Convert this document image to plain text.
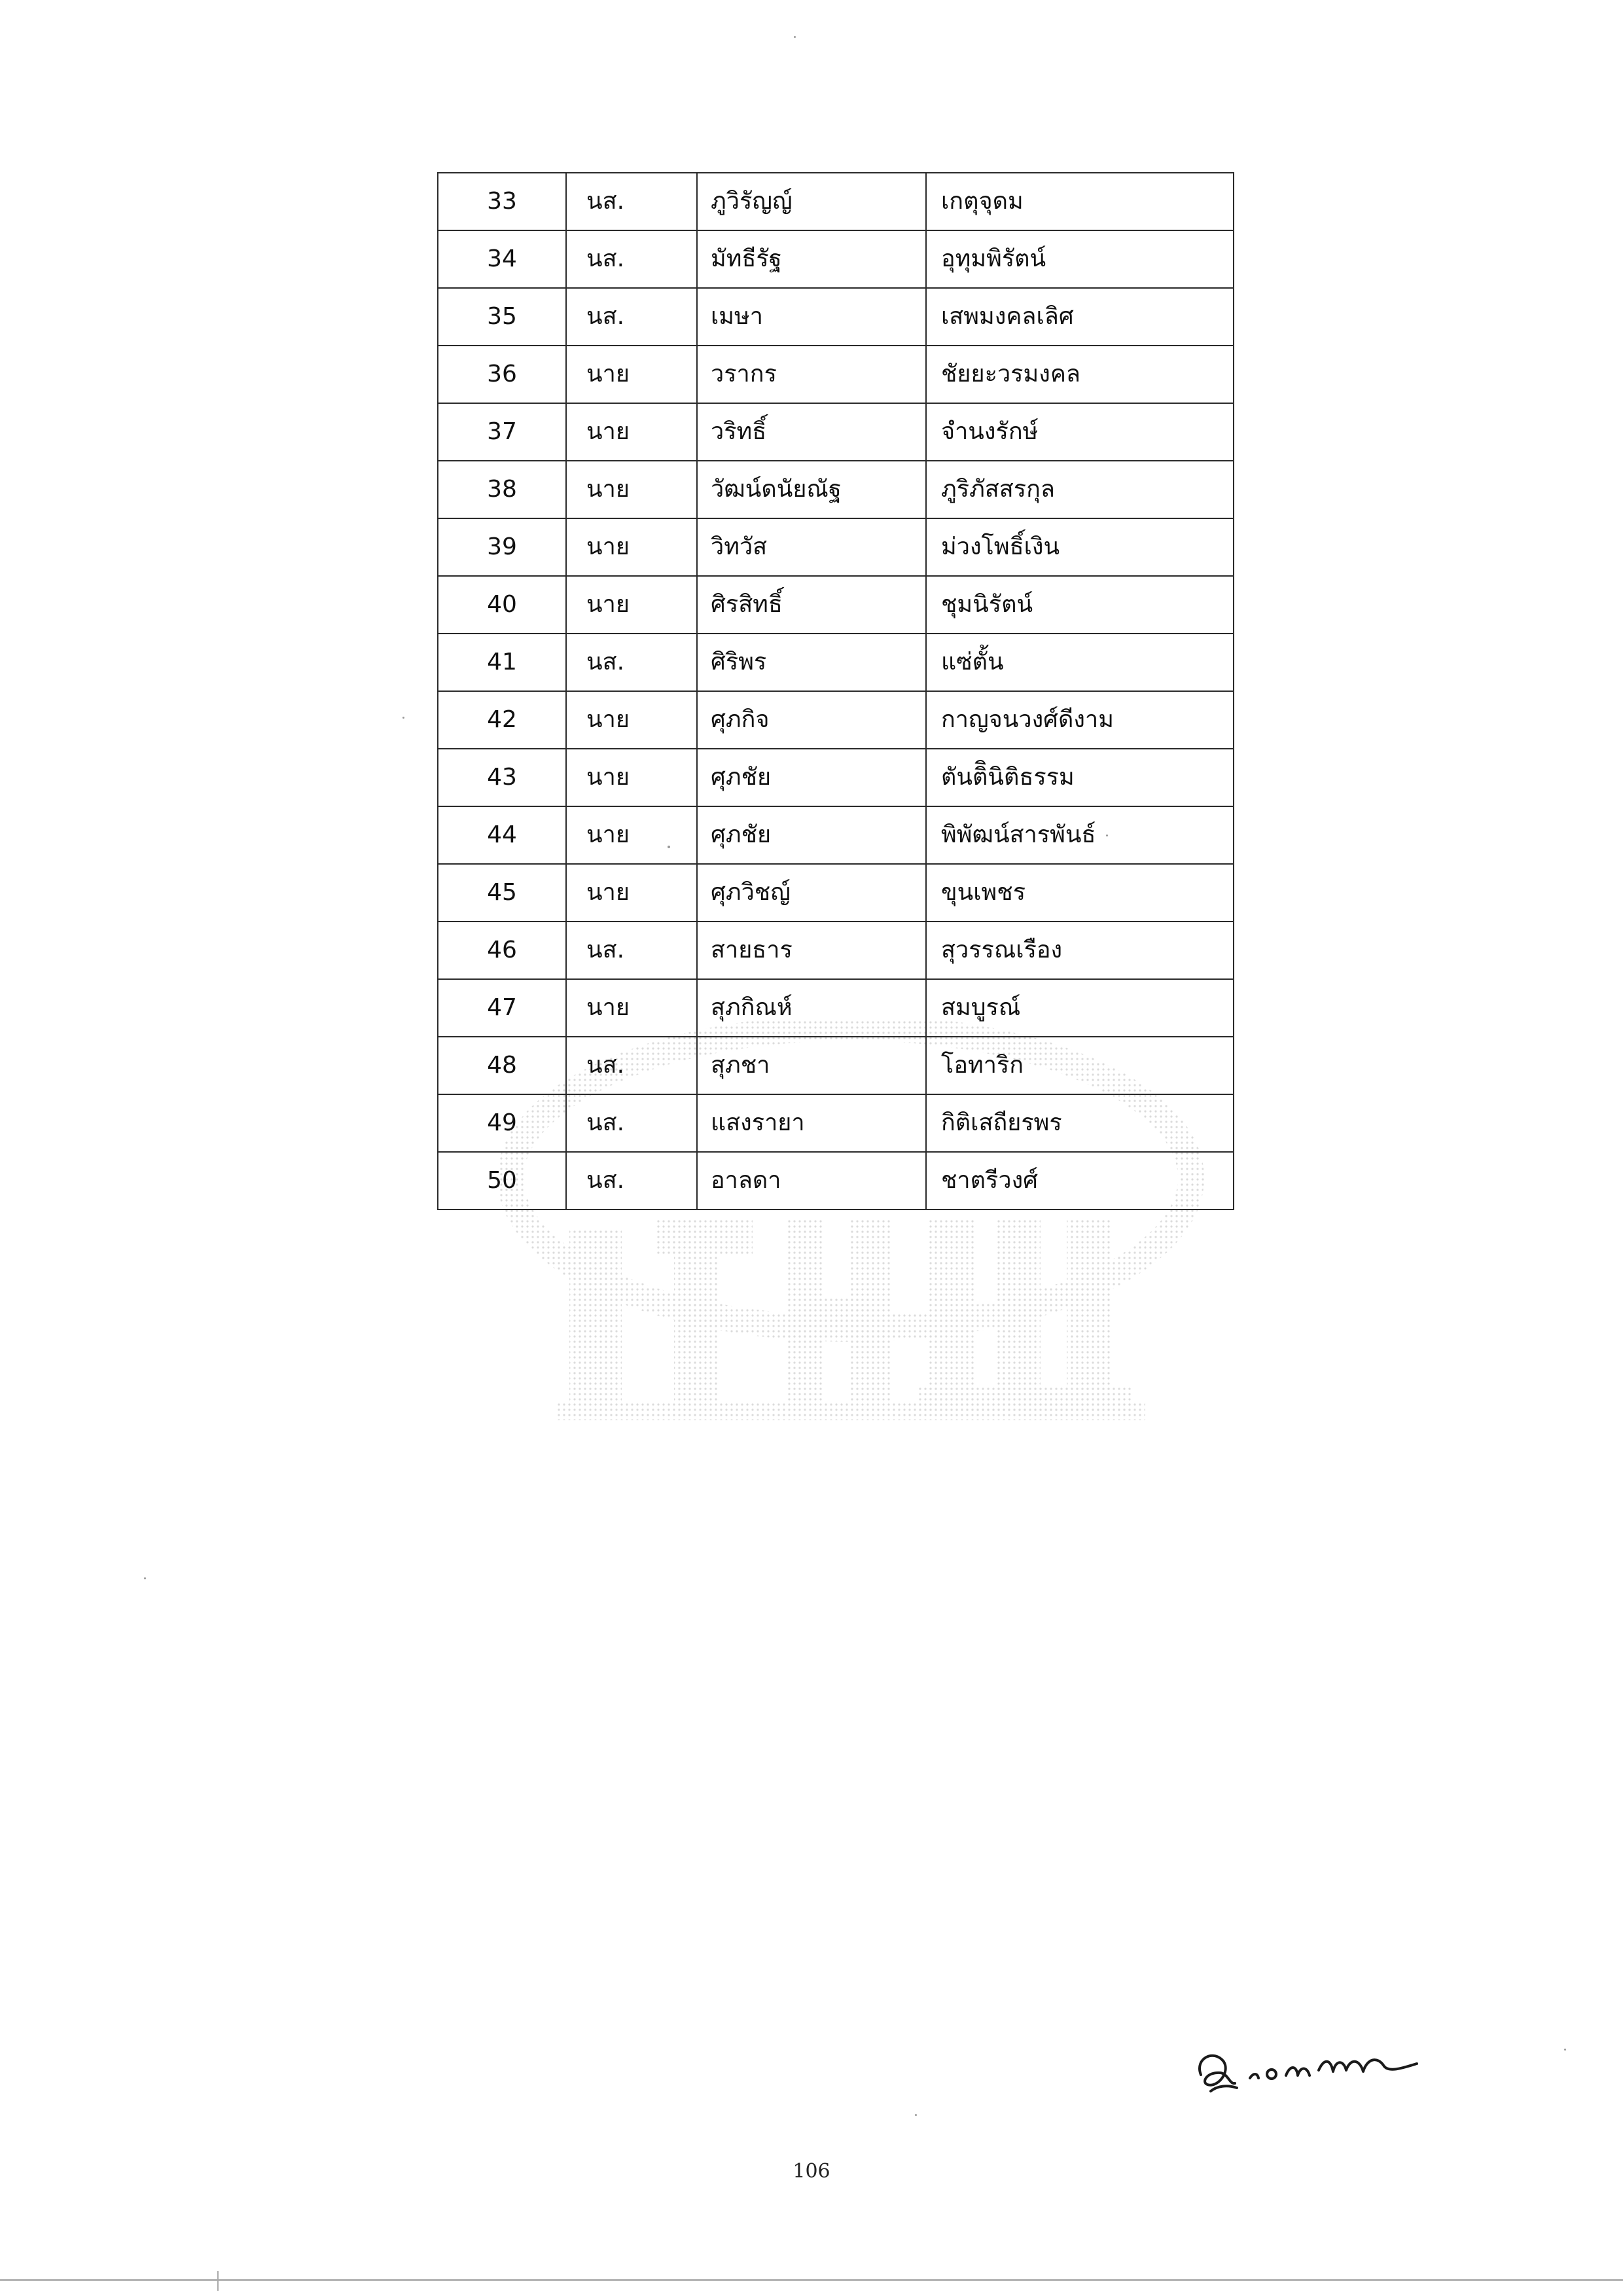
33	นส.	ภูวิรัญญ์	เกตุจุดม
34	นส.	มัทธีรัฐ	อุทุมพิรัตน์
35	นส.	เมษา	เสพมงคลเลิศ
36	นาย	วรากร	ชัยยะวรมงคล
37	นาย	วริทธิ์	จำนงรักษ์
38	นาย	วัฒน์ดนัยณัฐ	ภูริภัสสรกุล
39	นาย	วิทวัส	ม่วงโพธิ์เงิน
40	นาย	ศิรสิทธิ์	ชุมนิรัตน์
41	นส.	ศิริพร	แซ่ตั้น
42	นาย	ศุภกิจ	กาญจนวงศ์ดีงาม
43	นาย	ศุภชัย	ตันติินิติธรรม
44	นาย	ศุภชัย	พิพัฒน์สารพันธ์
45	นาย	ศุภวิชญ์	ขุนเพชร
46	นส.	สายธาร	สุวรรณเรือง
47	นาย	สุภกิณห์	สมบูรณ์
48	นส.	สุภชา	โอทาริก
49	นส.	แสงรายา	กิติเสถียรพร
50	นส.	อาลดา	ชาตรีวงศ์
106
